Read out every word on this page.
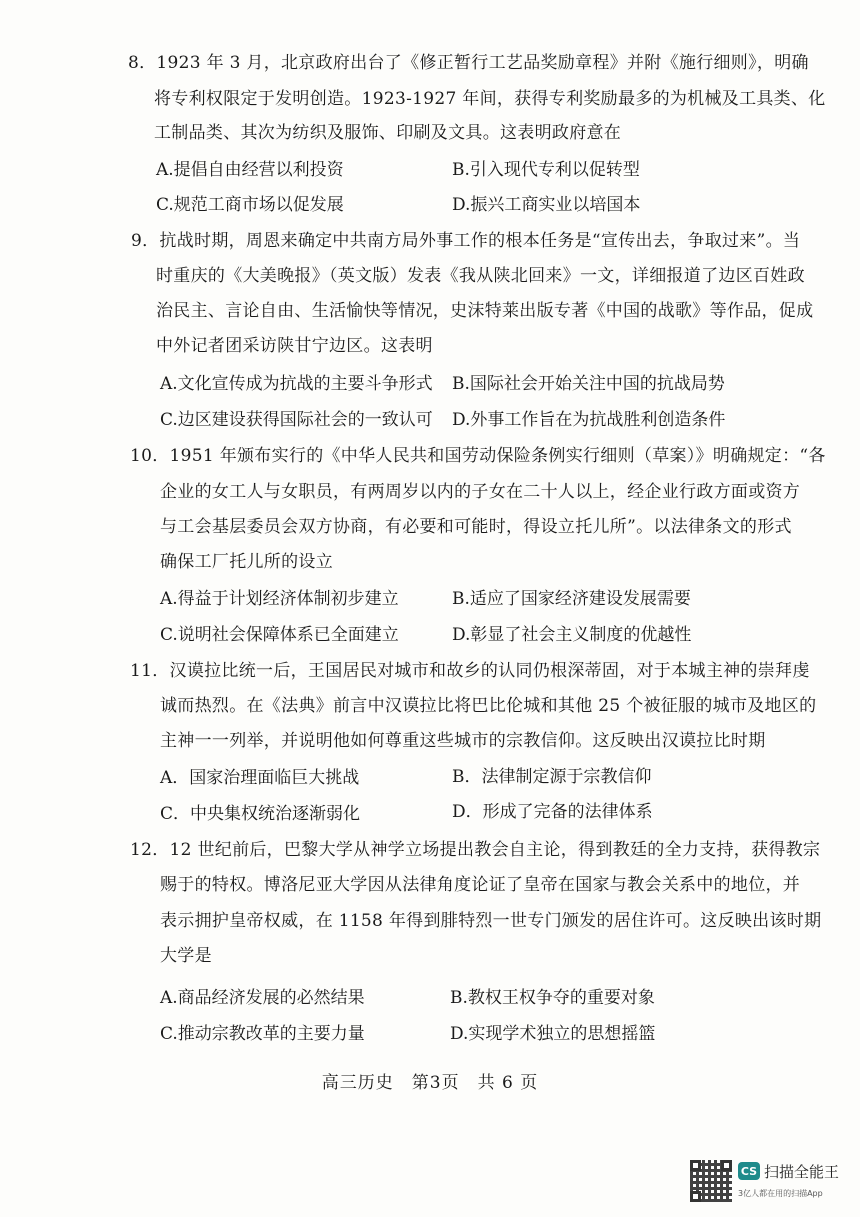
8．1923 年 3 月，北京政府出台了《修正暂行工艺品奖励章程》并附《施行细则》，明确
将专利权限定于发明创造。1923-1927 年间，获得专利奖励最多的为机械及工具类、化
工制品类、其次为纺织及服饰、印刷及文具。这表明政府意在
A.提倡自由经营以利投资	B.引入现代专利以促转型
C.规范工商市场以促发展	D.振兴工商实业以培国本
9．抗战时期，周恩来确定中共南方局外事工作的根本任务是“宣传出去，争取过来”。当
时重庆的《大美晚报》（英文版）发表《我从陕北回来》一文，详细报道了边区百姓政
治民主、言论自由、生活愉快等情况，史沫特莱出版专著《中国的战歌》等作品，促成
中外记者团采访陕甘宁边区。这表明
A.文化宣传成为抗战的主要斗争形式 B.国际社会开始关注中国的抗战局势
C.边区建设获得国际社会的一致认可 D.外事工作旨在为抗战胜利创造条件
10．1951 年颁布实行的《中华人民共和国劳动保险条例实行细则（草案）》明确规定：“各
企业的女工人与女职员，有两周岁以内的子女在二十人以上，经企业行政方面或资方
与工会基层委员会双方协商，有必要和可能时，得设立托儿所”。以法律条文的形式
确保工厂托儿所的设立
A.得益于计划经济体制初步建立	B.适应了国家经济建设发展需要
C.说明社会保障体系已全面建立	D.彰显了社会主义制度的优越性
11．汉谟拉比统一后，王国居民对城市和故乡的认同仍根深蒂固，对于本城主神的崇拜虔
诚而热烈。在《法典》前言中汉谟拉比将巴比伦城和其他 25 个被征服的城市及地区的
主神一一列举，并说明他如何尊重这些城市的宗教信仰。这反映出汉谟拉比时期
A．国家治理面临巨大挑战	B．法律制定源于宗教信仰
C．中央集权统治逐渐弱化	D．形成了完备的法律体系
12．12 世纪前后，巴黎大学从神学立场提出教会自主论，得到教廷的全力支持，获得教宗
赐于的特权。博洛尼亚大学因从法律角度论证了皇帝在国家与教会关系中的地位，并
表示拥护皇帝权威，在 1158 年得到腓特烈一世专门颁发的居住许可。这反映出该时期
大学是
A.商品经济发展的必然结果	B.教权王权争夺的重要对象
C.推动宗教改革的主要力量	D.实现学术独立的思想摇篮
高三历史　第3页　共 6 页
CS 扫描全能王
3亿人都在用的扫描App
